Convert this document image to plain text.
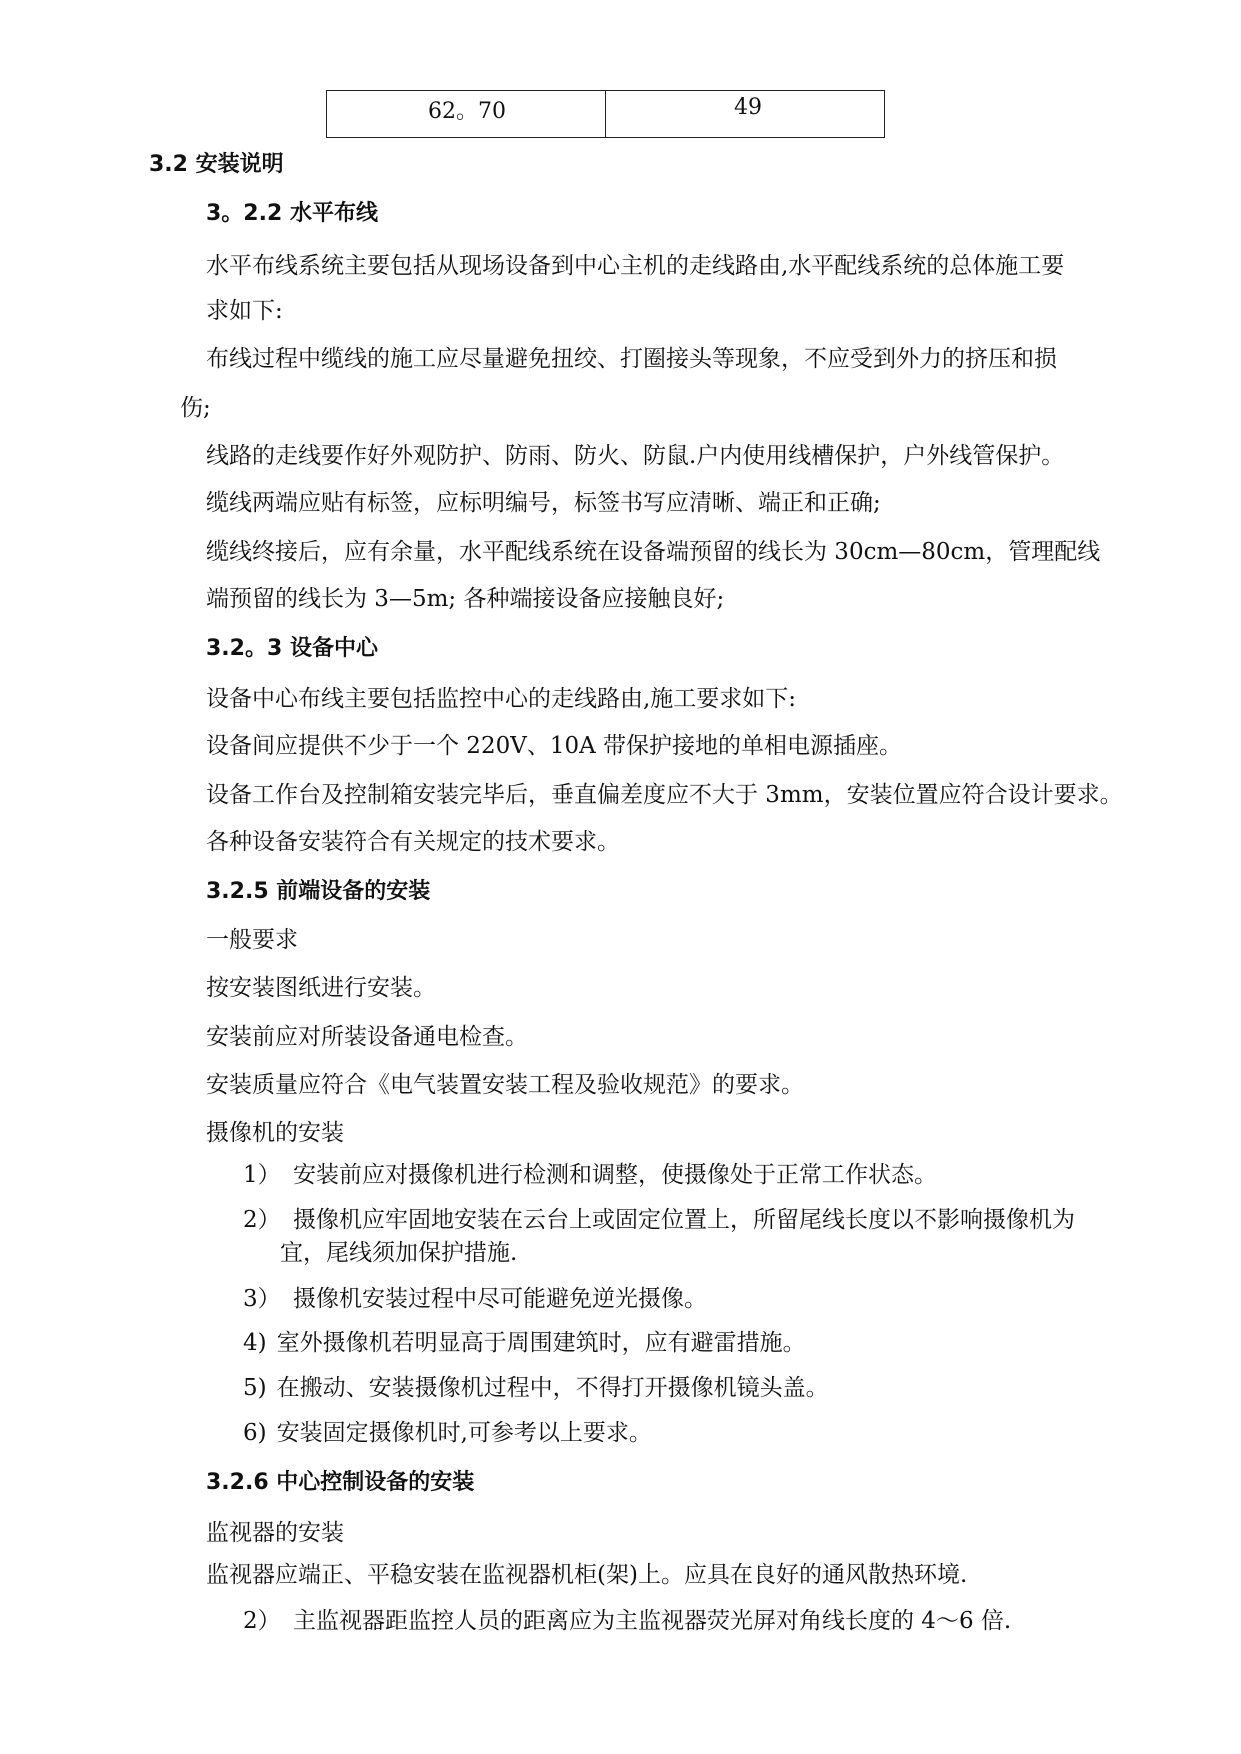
62。70	49
3.2 安装说明
3。2.2 水平布线
水平布线系统主要包括从现场设备到中心主机的走线路由,水平配线系统的总体施工要
求如下:
布线过程中缆线的施工应尽量避免扭绞、打圈接头等现象，不应受到外力的挤压和损
伤;
线路的走线要作好外观防护、防雨、防火、防鼠.户内使用线槽保护，户外线管保护。
缆线两端应贴有标签，应标明编号，标签书写应清晰、端正和正确;
缆线终接后，应有余量，水平配线系统在设备端预留的线长为 30cm—80cm，管理配线
端预留的线长为 3—5m; 各种端接设备应接触良好;
3.2。3 设备中心
设备中心布线主要包括监控中心的走线路由,施工要求如下:
设备间应提供不少于一个 220V、10A 带保护接地的单相电源插座。
设备工作台及控制箱安装完毕后，垂直偏差度应不大于 3mm，安装位置应符合设计要求。
各种设备安装符合有关规定的技术要求。
3.2.5 前端设备的安装
一般要求
按安装图纸进行安装。
安装前应对所装设备通电检查。
安装质量应符合《电气装置安装工程及验收规范》的要求。
摄像机的安装
1） 安装前应对摄像机进行检测和调整，使摄像处于正常工作状态。
2） 摄像机应牢固地安装在云台上或固定位置上，所留尾线长度以不影响摄像机为
宜，尾线须加保护措施.
3） 摄像机安装过程中尽可能避免逆光摄像。
4) 室外摄像机若明显高于周围建筑时，应有避雷措施。
5) 在搬动、安装摄像机过程中，不得打开摄像机镜头盖。
6) 安装固定摄像机时,可参考以上要求。
3.2.6 中心控制设备的安装
监视器的安装
监视器应端正、平稳安装在监视器机柜(架)上。应具在良好的通风散热环境.
2） 主监视器距监控人员的距离应为主监视器荧光屏对角线长度的 4～6 倍.
